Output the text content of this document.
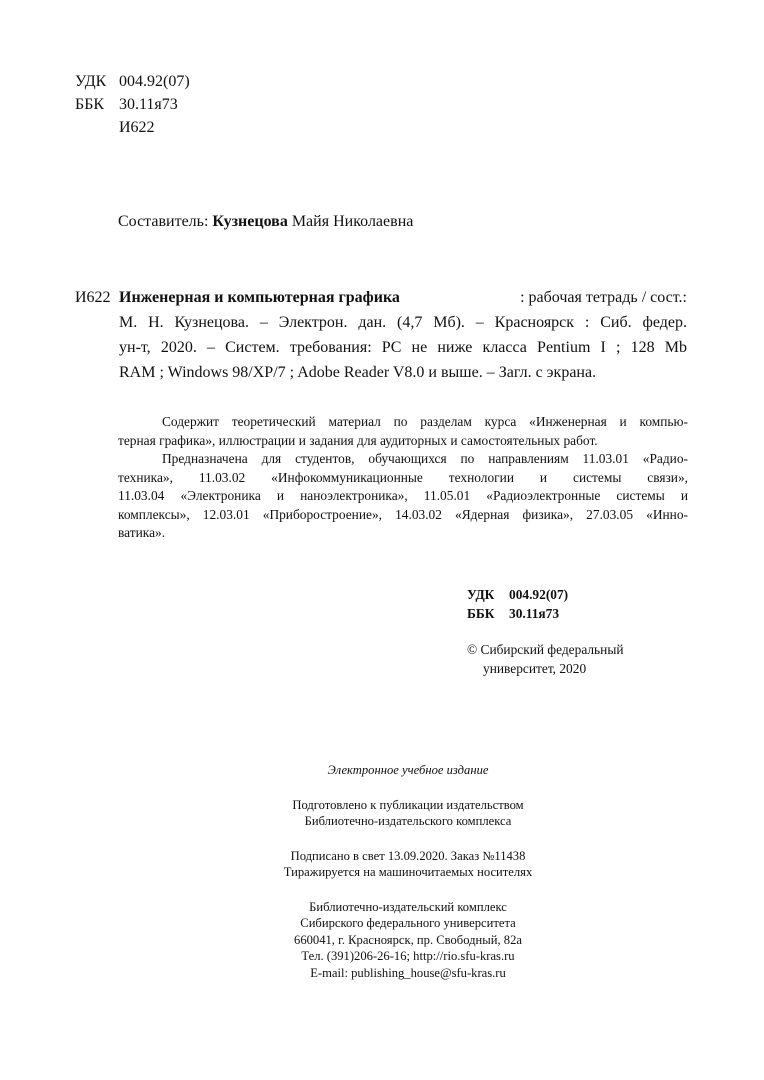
УДК 004.92(07)
ББК 30.11я73
И622
Составитель: Кузнецова Майя Николаевна
И622 Инженерная и компьютерная графика	: рабочая тетрадь / сост.:
М. Н. Кузнецова. – Электрон. дан. (4,7 Мб). – Красноярск : Сиб. федер.
ун-т, 2020. – Систем. требования: PC не ниже класса Pentium I ; 128 Mb
RAM ; Windows 98/XP/7 ; Adobe Reader V8.0 и выше. – Загл. с экрана.

Содержит теоретический материал по разделам курса «Инженерная и компью-
терная графика», иллюстрации и задания для аудиторных и самостоятельных работ.

Предназначена для студентов, обучающихся по направлениям 11.03.01 «Радио-
техника», 11.03.02 «Инфокоммуникационные технологии и системы связи»,
11.03.04 «Электроника и наноэлектроника», 11.05.01 «Радиоэлектронные системы и
комплексы», 12.03.01 «Приборостроение», 14.03.02 «Ядерная физика», 27.03.05 «Инно-
ватика».

УДК 004.92(07)
ББК 30.11я73
© Сибирский федеральный
университет, 2020
Электронное учебное издание
Подготовлено к публикации издательством
Библиотечно-издательского комплекса
Подписано в свет 13.09.2020. Заказ №11438
Тиражируется на машиночитаемых носителях
Библиотечно-издательский комплекс
Сибирского федерального университета
660041, г. Красноярск, пр. Свободный, 82а
Тел. (391)206-26-16; http://rio.sfu-kras.ru
E-mail: publishing_house@sfu-kras.ru
